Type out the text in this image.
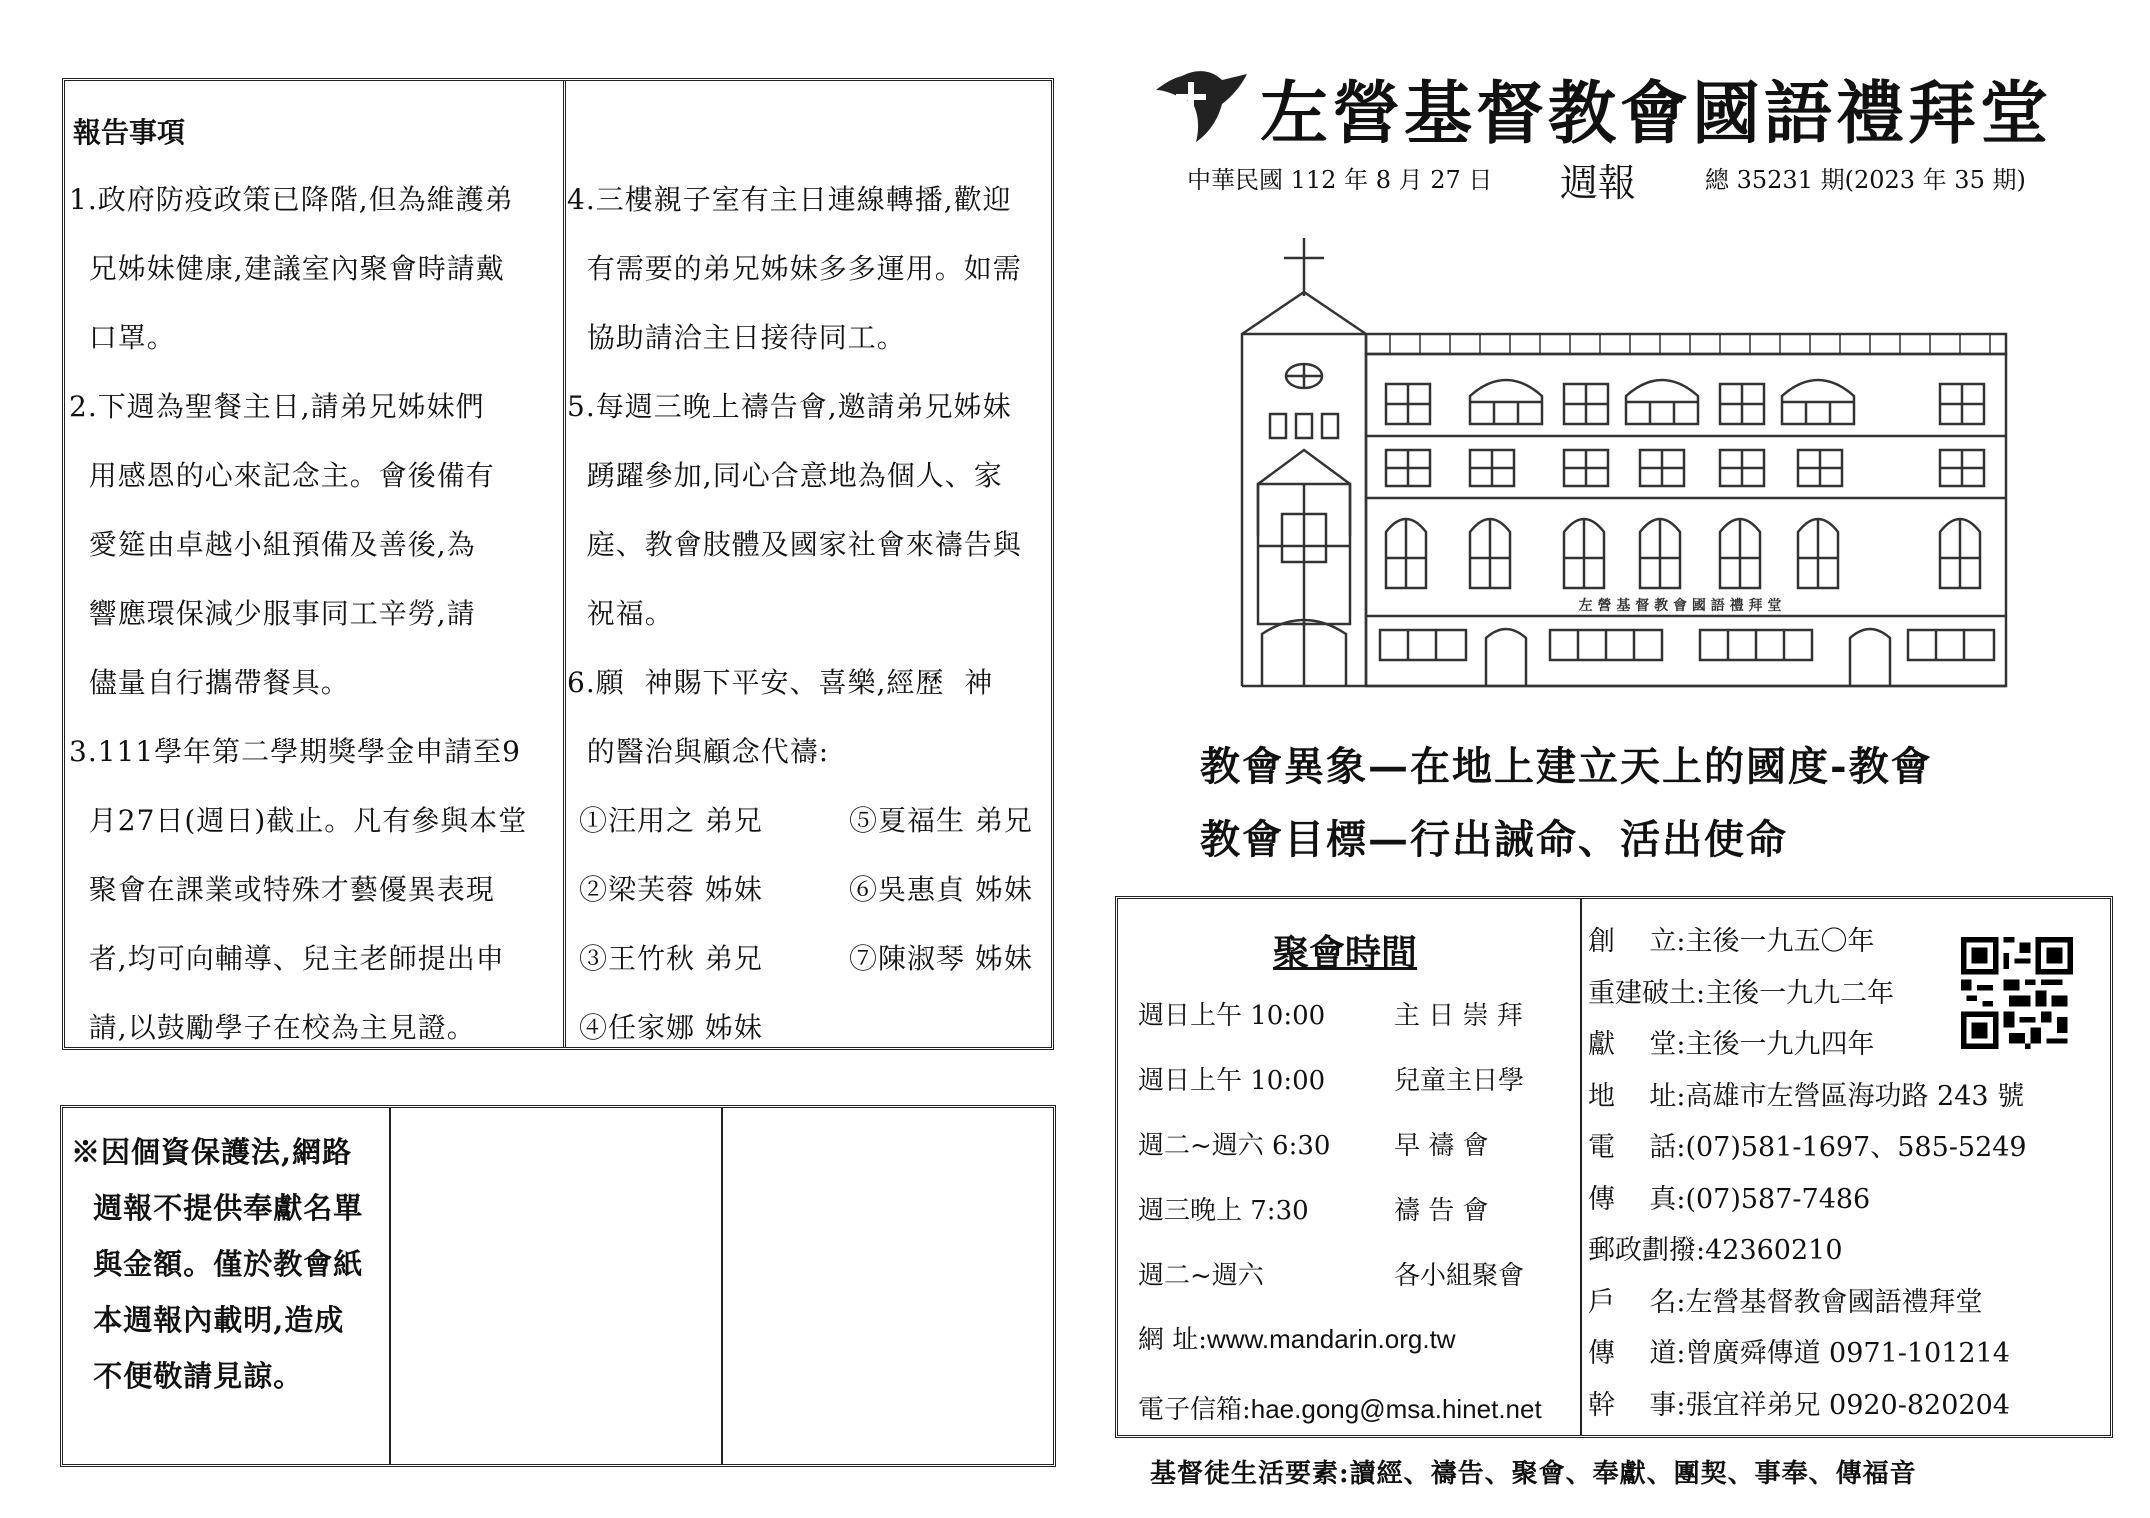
報告事項
1.政府防疫政策已降階,但為維護弟
兄姊妹健康,建議室內聚會時請戴
口罩。
2.下週為聖餐主日,請弟兄姊妹們
用感恩的心來記念主。會後備有
愛筵由卓越小組預備及善後,為
響應環保減少服事同工辛勞,請
儘量自行攜帶餐具。
3.111學年第二學期獎學金申請至9
月27日(週日)截止。凡有參與本堂
聚會在課業或特殊才藝優異表現
者,均可向輔導、兒主老師提出申
請,以鼓勵學子在校為主見證。
4.三樓親子室有主日連線轉播,歡迎
有需要的弟兄姊妹多多運用。如需
協助請洽主日接待同工。
5.每週三晚上禱告會,邀請弟兄姊妹
踴躍參加,同心合意地為個人、家
庭、教會肢體及國家社會來禱告與
祝福。
6.願  神賜下平安、喜樂,經歷  神
的醫治與顧念代禱:
①汪用之 弟兄	⑤夏福生 弟兄
②梁芙蓉 姊妹	⑥吳惠貞 姊妹
③王竹秋 弟兄	⑦陳淑琴 姊妹
④任家娜 姊妹
※因個資保護法,網路
週報不提供奉獻名單
與金額。僅於教會紙
本週報內載明,造成
不便敬請見諒。
左營基督教會國語禮拜堂
中華民國 112 年 8 月 27 日 週報	總 35231 期(2023 年 35 期)
左 營 基 督 教 會 國 語 禮 拜 堂
教會異象—在地上建立天上的國度-教會
教會目標—行出誡命、活出使命
聚會時間
週日上午 10:00	主 日 崇 拜
週日上午 10:00	兒童主日學
週二~週六 6:30 早 禱 會
週三晚上 7:30	禱 告 會
週二~週六	各小組聚會
網 址:www.mandarin.org.tw
電子信箱:hae.gong@msa.hinet.net
創    立:主後一九五〇年
重建破土:主後一九九二年
獻    堂:主後一九九四年
地    址:高雄市左營區海功路 243 號
電    話:(07)581-1697、585-5249
傳    真:(07)587-7486
郵政劃撥:42360210
戶    名:左營基督教會國語禮拜堂
傳    道:曾廣舜傳道 0971-101214
幹    事:張宜祥弟兄 0920-820204
基督徒生活要素:讀經、禱告、聚會、奉獻、團契、事奉、傳福音
